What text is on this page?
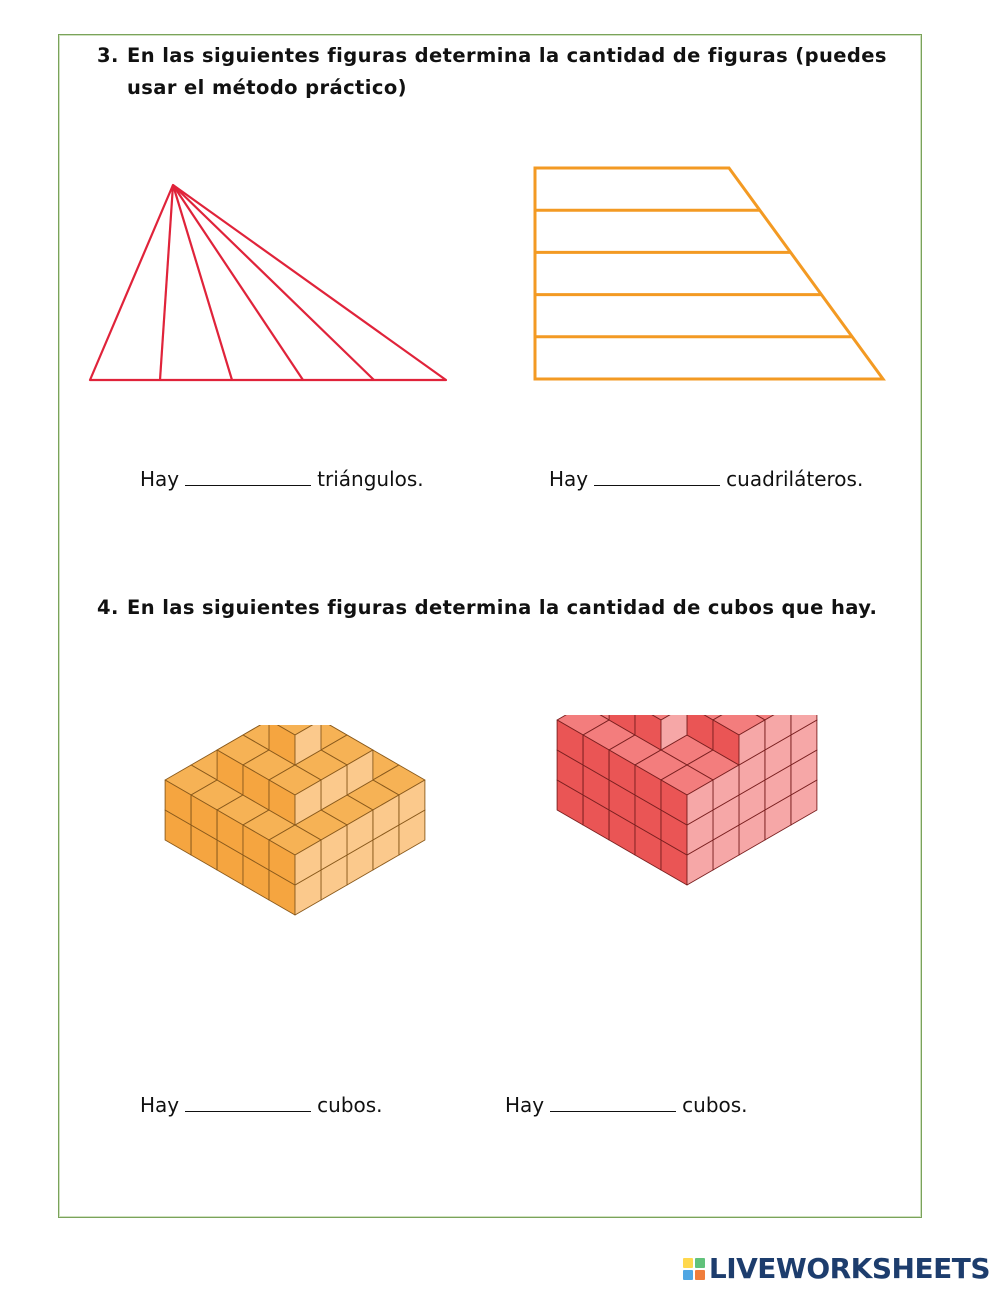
3. En las siguientes figuras determina la cantidad de figuras (puedes
usar el método práctico)
Hay	triángulos.	Hay	cuadriláteros.
4. En las siguientes figuras determina la cantidad de cubos que hay.
Hay	cubos.	Hay	cubos.
LIVEWORKSHEETS
